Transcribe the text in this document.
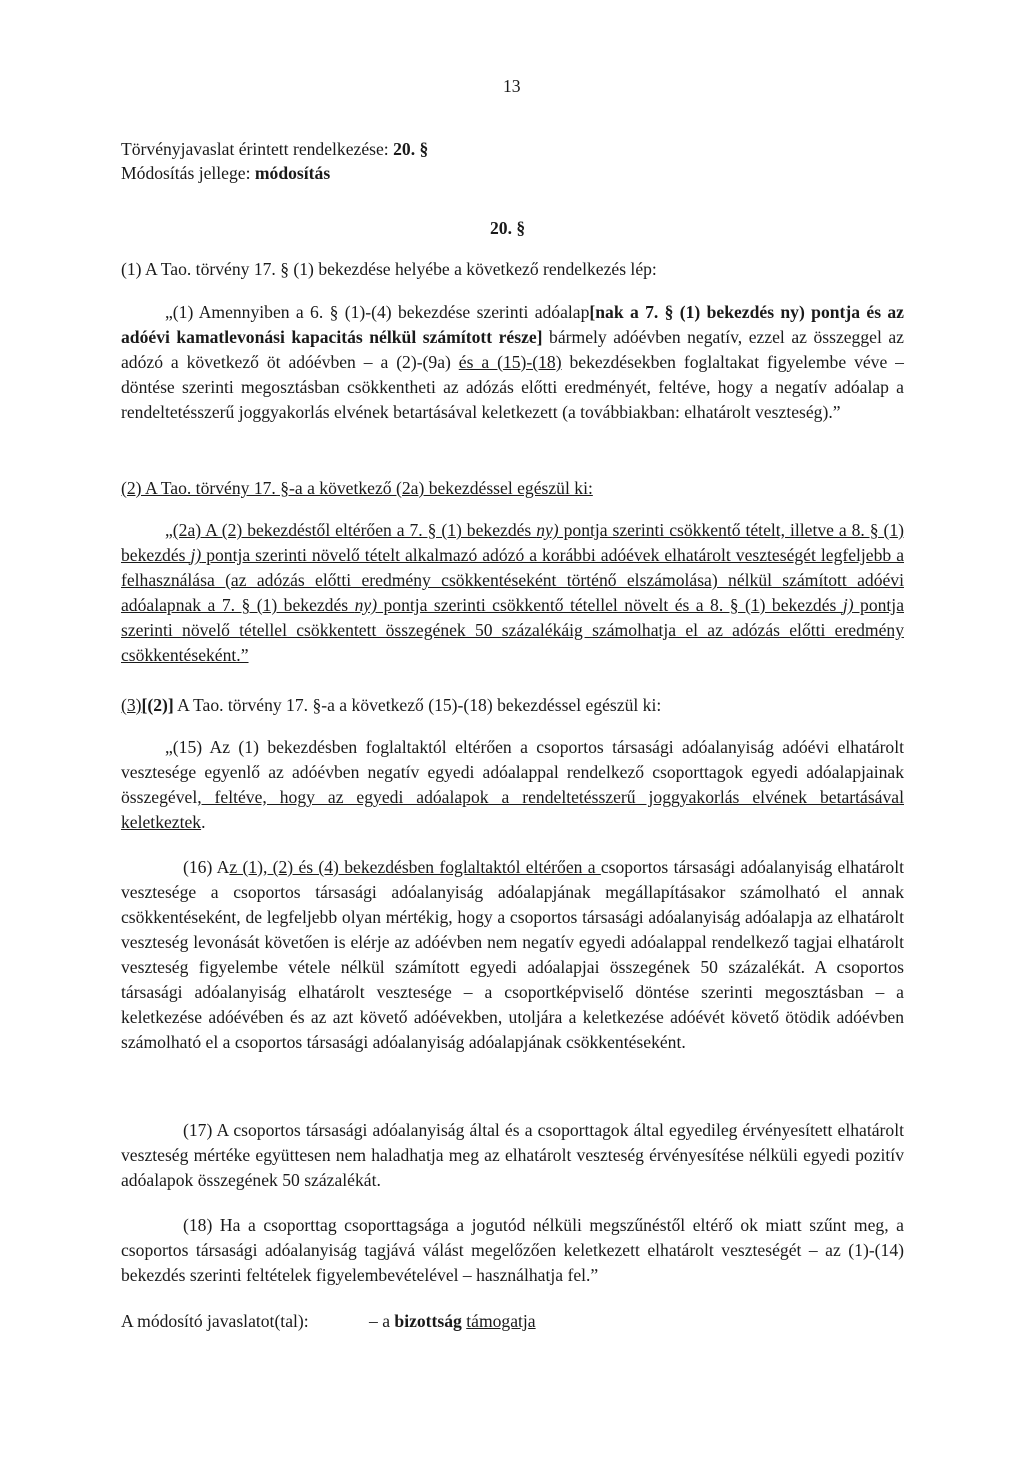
13
Törvényjavaslat érintett rendelkezése: 20. §
Módosítás jellege: módosítás
20. §
(1) A Tao. törvény 17. § (1) bekezdése helyébe a következő rendelkezés lép:

„(1) Amennyiben a 6. § (1)-(4) bekezdése szerinti adóalap[nak a 7. § (1) bekezdés ny) pontja és az adóévi kamatlevonási kapacitás nélkül számított része] bármely adóévben negatív, ezzel az összeggel az adózó a következő öt adóévben – a (2)-(9a) és a (15)-(18) bekezdésekben foglaltakat figyelembe véve – döntése szerinti megosztásban csökkentheti az adózás előtti eredményét, feltéve, hogy a negatív adóalap a rendeltetésszerű joggyakorlás elvének betartásával keletkezett (a továbbiakban: elhatárolt veszteség).”

(2) A Tao. törvény 17. §-a a következő (2a) bekezdéssel egészül ki:

„(2a) A (2) bekezdéstől eltérően a 7. § (1) bekezdés ny) pontja szerinti csökkentő tételt, illetve a 8. § (1) bekezdés j) pontja szerinti növelő tételt alkalmazó adózó a korábbi adóévek elhatárolt veszteségét legfeljebb a felhasználása (az adózás előtti eredmény csökkentéseként történő elszámolása) nélkül számított adóévi adóalapnak a 7. § (1) bekezdés ny) pontja szerinti csökkentő tétellel növelt és a 8. § (1) bekezdés j) pontja szerinti növelő tétellel csökkentett összegének 50 százalékáig számolhatja el az adózás előtti eredmény csökkentéseként.”

(3)[(2)] A Tao. törvény 17. §-a a következő (15)-(18) bekezdéssel egészül ki:

„(15) Az (1) bekezdésben foglaltaktól eltérően a csoportos társasági adóalanyiság adóévi elhatárolt vesztesége egyenlő az adóévben negatív egyedi adóalappal rendelkező csoporttagok egyedi adóalapjainak összegével, feltéve, hogy az egyedi adóalapok a rendeltetésszerű joggyakorlás elvének betartásával keletkeztek.

(16) Az (1), (2) és (4) bekezdésben foglaltaktól eltérően a csoportos társasági adóalanyiság elhatárolt vesztesége a csoportos társasági adóalanyiság adóalapjának megállapításakor számolható el annak csökkentéseként, de legfeljebb olyan mértékig, hogy a csoportos társasági adóalanyiság adóalapja az elhatárolt veszteség levonását követően is elérje az adóévben nem negatív egyedi adóalappal rendelkező tagjai elhatárolt veszteség figyelembe vétele nélkül számított egyedi adóalapjai összegének 50 százalékát. A csoportos társasági adóalanyiság elhatárolt vesztesége – a csoportképviselő döntése szerinti megosztásban – a keletkezése adóévében és az azt követő adóévekben, utoljára a keletkezése adóévét követő ötödik adóévben számolható el a csoportos társasági adóalanyiság adóalapjának csökkentéseként.

(17) A csoportos társasági adóalanyiság által és a csoporttagok által egyedileg érvényesített elhatárolt veszteség mértéke együttesen nem haladhatja meg az elhatárolt veszteség érvényesítése nélküli egyedi pozitív adóalapok összegének 50 százalékát.
(18) Ha a csoporttag csoporttagsága a jogutód nélküli megszűnéstől eltérő ok miatt szűnt meg, a csoportos társasági adóalanyiság tagjává válást megelőzően keletkezett elhatárolt veszteségét – az (1)-(14) bekezdés szerinti feltételek figyelembevételével – használhatja fel.”
A módosító javaslatot(tal):	– a bizottság támogatja
